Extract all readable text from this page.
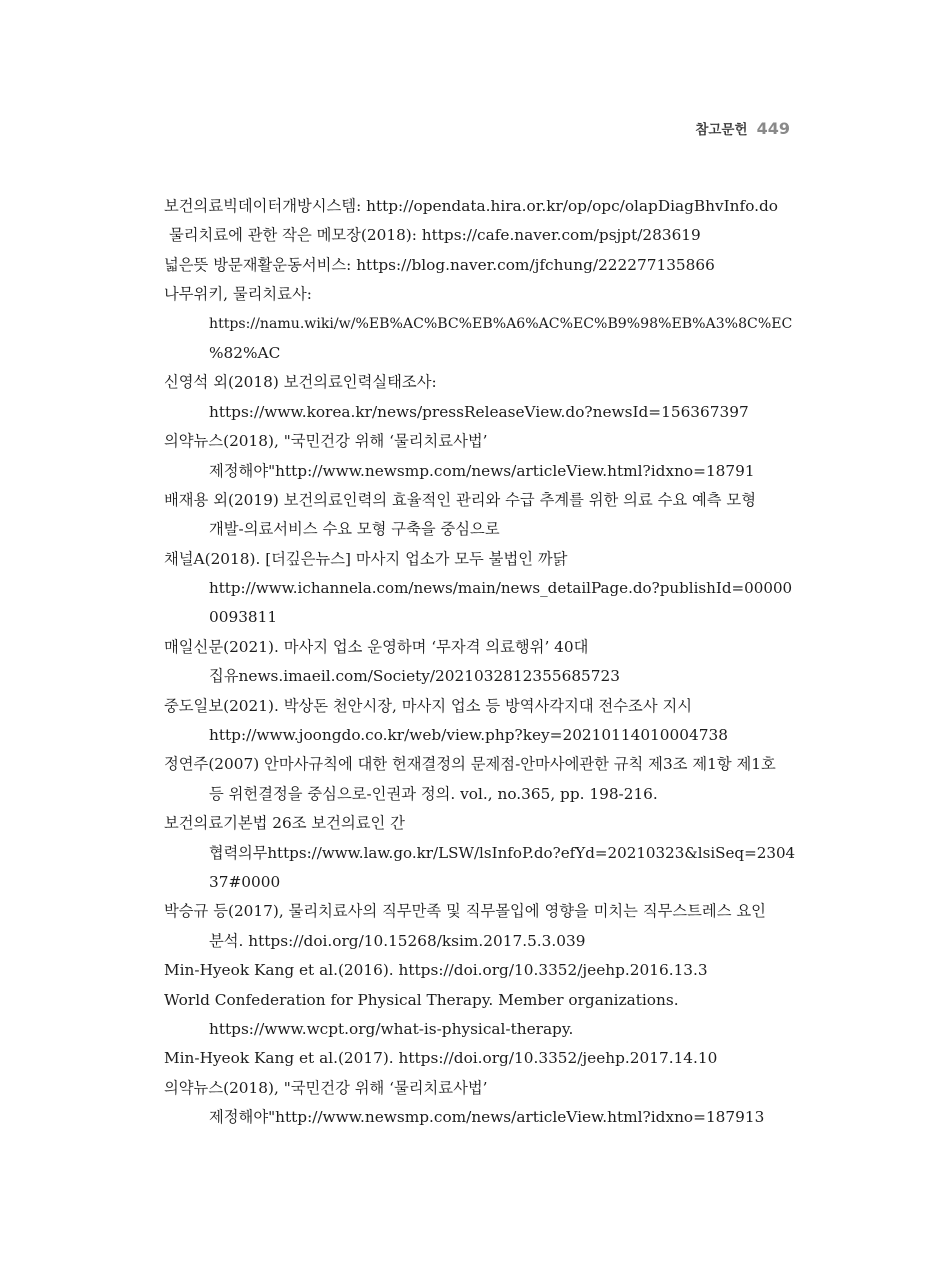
참고문헌 449
보건의료빅데이터개방시스템: http://opendata.hira.or.kr/op/opc/olapDiagBhvInfo.do
물리치료에 관한 작은 메모장(2018): https://cafe.naver.com/psjpt/283619
넓은뜻 방문재활운동서비스: https://blog.naver.com/jfchung/222277135866
나무위키, 물리치료사:
https://namu.wiki/w/%EB%AC%BC%EB%A6%AC%EC%B9%98%EB%A3%8C%EC
%82%AC
신영석 외(2018) 보건의료인력실태조사:
https://www.korea.kr/news/pressReleaseView.do?newsId=156367397
의약뉴스(2018), "국민건강 위해 ‘물리치료사법’
제정해야"http://www.newsmp.com/news/articleView.html?idxno=18791
배재용 외(2019) 보건의료인력의 효율적인 관리와 수급 추계를 위한 의료 수요 예측 모형
개발-의료서비스 수요 모형 구축을 중심으로
채널A(2018). [더깊은뉴스] 마사지 업소가 모두 불법인 까닭
http://www.ichannela.com/news/main/news_detailPage.do?publishId=00000
0093811
매일신문(2021). 마사지 업소 운영하며 ‘무자격 의료행위’ 40대
집유news.imaeil.com/Society/2021032812355685723
중도일보(2021). 박상돈 천안시장, 마사지 업소 등 방역사각지대 전수조사 지시
http://www.joongdo.co.kr/web/view.php?key=20210114010004738
정연주(2007) 안마사규칙에 대한 헌재결정의 문제점-안마사에관한 규칙 제3조 제1항 제1호
등 위헌결정을 중심으로-인권과 정의. vol., no.365, pp. 198-216.
보건의료기본법 26조 보건의료인 간
협력의무https://www.law.go.kr/LSW/lsInfoP.do?efYd=20210323&lsiSeq=2304
37#0000
박승규 등(2017), 물리치료사의 직무만족 및 직무몰입에 영향을 미치는 직무스트레스 요인
분석. https://doi.org/10.15268/ksim.2017.5.3.039
Min-Hyeok Kang et al.(2016). https://doi.org/10.3352/jeehp.2016.13.3
World Confederation for Physical Therapy. Member organizations.
https://www.wcpt.org/what-is-physical-therapy.
Min-Hyeok Kang et al.(2017). https://doi.org/10.3352/jeehp.2017.14.10
의약뉴스(2018), "국민건강 위해 ‘물리치료사법’
제정해야"http://www.newsmp.com/news/articleView.html?idxno=187913
